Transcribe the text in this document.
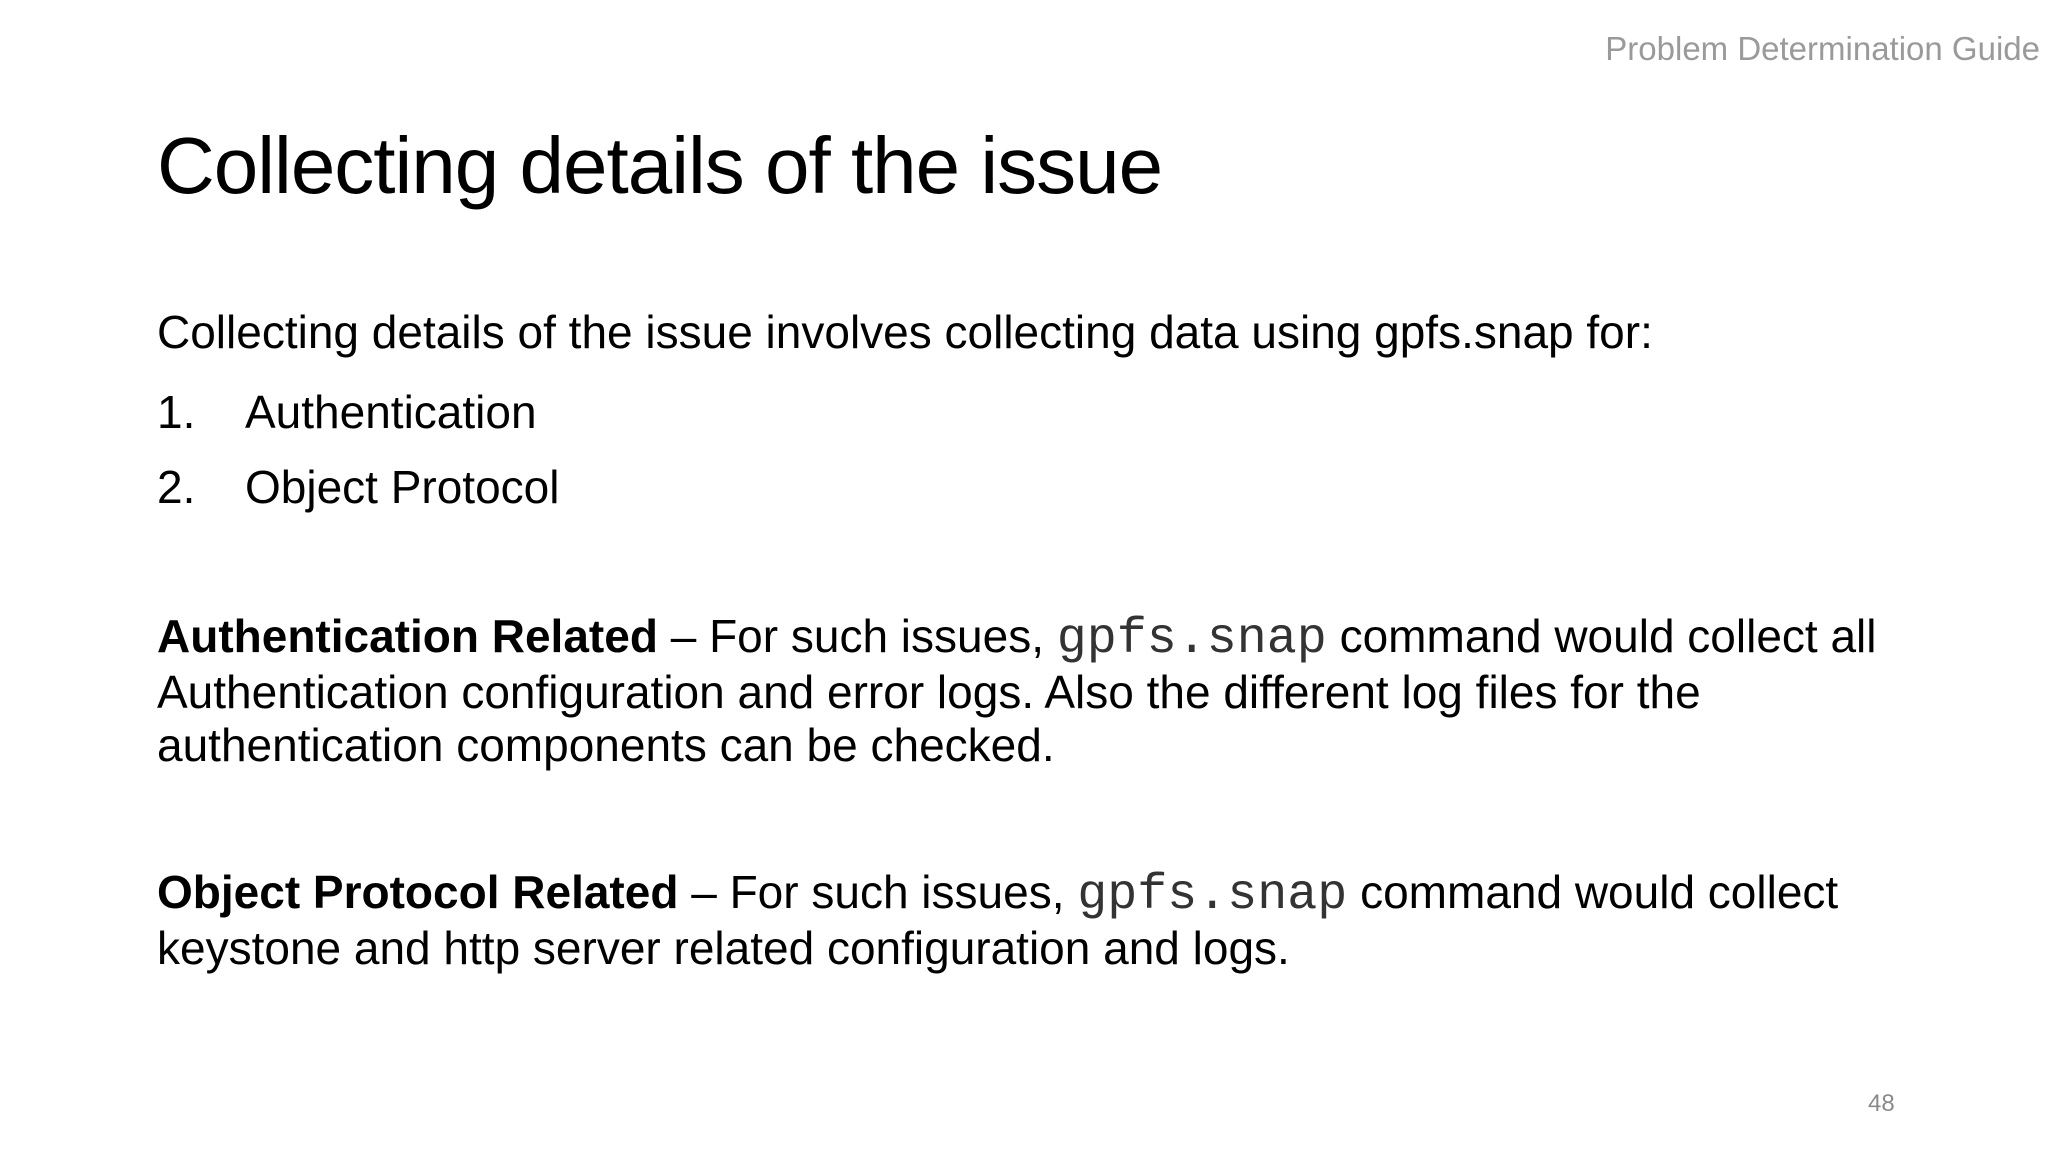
Problem Determination Guide
Collecting details of the issue
Collecting details of the issue involves collecting data using gpfs.snap for:
1.	Authentication
2.	Object Protocol

Authentication Related – For such issues, gpfs.snap command would collect all Authentication configuration and error logs. Also the different log files for the authentication components can be checked.

Object Protocol Related – For such issues, gpfs.snap command would collect keystone and http server related configuration and logs.

48
